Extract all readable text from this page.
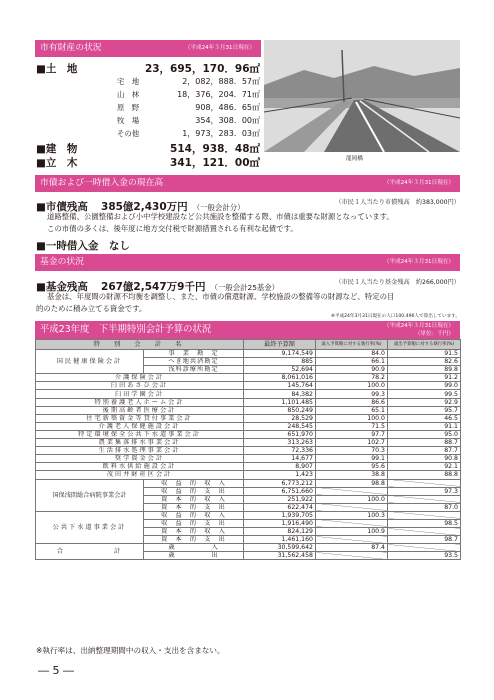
市有財産の状況	（平成24年３月31日現在）
■土　地	23，695，170．96㎡
宅　地	2，082，888．57㎡
山　林	18，376，204．71㎡
原　野	908，486．65㎡
牧　場	354，308．00㎡
その他	1，973，283．03㎡
■建　物	514，938．48㎡
■立　木	341，121．00㎥	龍岡橋
市債および一時借入金の現在高	（平成24年３月31日現在）
■市債残高 385億2,430万円 （一般会計分）
（市民１人当たり市債残高　約383,000円）
道路整備、公園整備および小中学校建設など公共施設を整備する際、市債は重要な財源となっています。
この市債の多くは、後年度に地方交付税で財源措置される有利な起債です。
■一時借入金　なし
基金の状況	（平成24年３月31日現在）
■基金残高 267億2,547万9千円 （一般会計25基金）
（市民１人当たり基金残高　約266,000円）
基金は、年度間の財源不均衡を調整し、また、市債の償還財源、学校施設の整備等の財源など、特定の目
的のために積み立てる資金です。
※平成24年3月31日現在の人口100,496人で算出しています。
平成23年度　下半期特別会計予算の状況	（平成24年３月31日現在）
（単位：千円）
特　別　会　計　名		最終予算額	歳入予算額に対する執行率(%)	歳出予算額に対する執行率(%)
国民健康保険会計	事　業　勘　定	9,174,549	84.0	91.5
	へき地共済勘定	885	66.1	82.6
	浅科診療所勘定	52,694	90.9	89.8
介護保険会計		8,061,016	78.2	91.2
臼田あさひ会計		145,764	100.0	99.0
臼田学園会計		84,382	99.3	99.5
特別養護老人ホーム会計		1,101,485	86.6	92.9
後期高齢者医療会計		850,249	65.1	95.7
住宅新築資金等貸付事業会計		28,529	100.0	46.5
介護老人保健施設会計		248,545	71.5	91.1
特定環境保全公共下水道事業会計		651,970	97.7	95.0
農業集落排水事業会計		313,263	102.7	88.7
生活排水処理事業会計		72,336	70.3	87.7
奨学資金会計		14,677	99.1	90.8
飲料水供給施設会計		8,907	95.6	92.1
茂田井財産区会計		1,423	38.8	88.8
国保浅間総合病院事業会計	収　益　的　収　入	6,773,212	98.8	
	収　益　的　支　出	6,751,660		97.3
	資　本　的　収　入	251,922	100.0	
	資　本　的　支　出	622,474		87.0
公共下水道事業会計	収　益　的　収　入	1,939,705	100.3	
	収　益　的　支　出	1,916,490		98.5
	資　本　的　収　入	824,129	100.9	
	資　本　的　支　出	1,461,160		98.7
合　　　　　　計	歳　　　　　入	30,599,642	87.4	
	歳　　　　　出	31,562,458		93.5
※執行率は、出納整理期間中の収入・支出を含まない。
― 5 ―
